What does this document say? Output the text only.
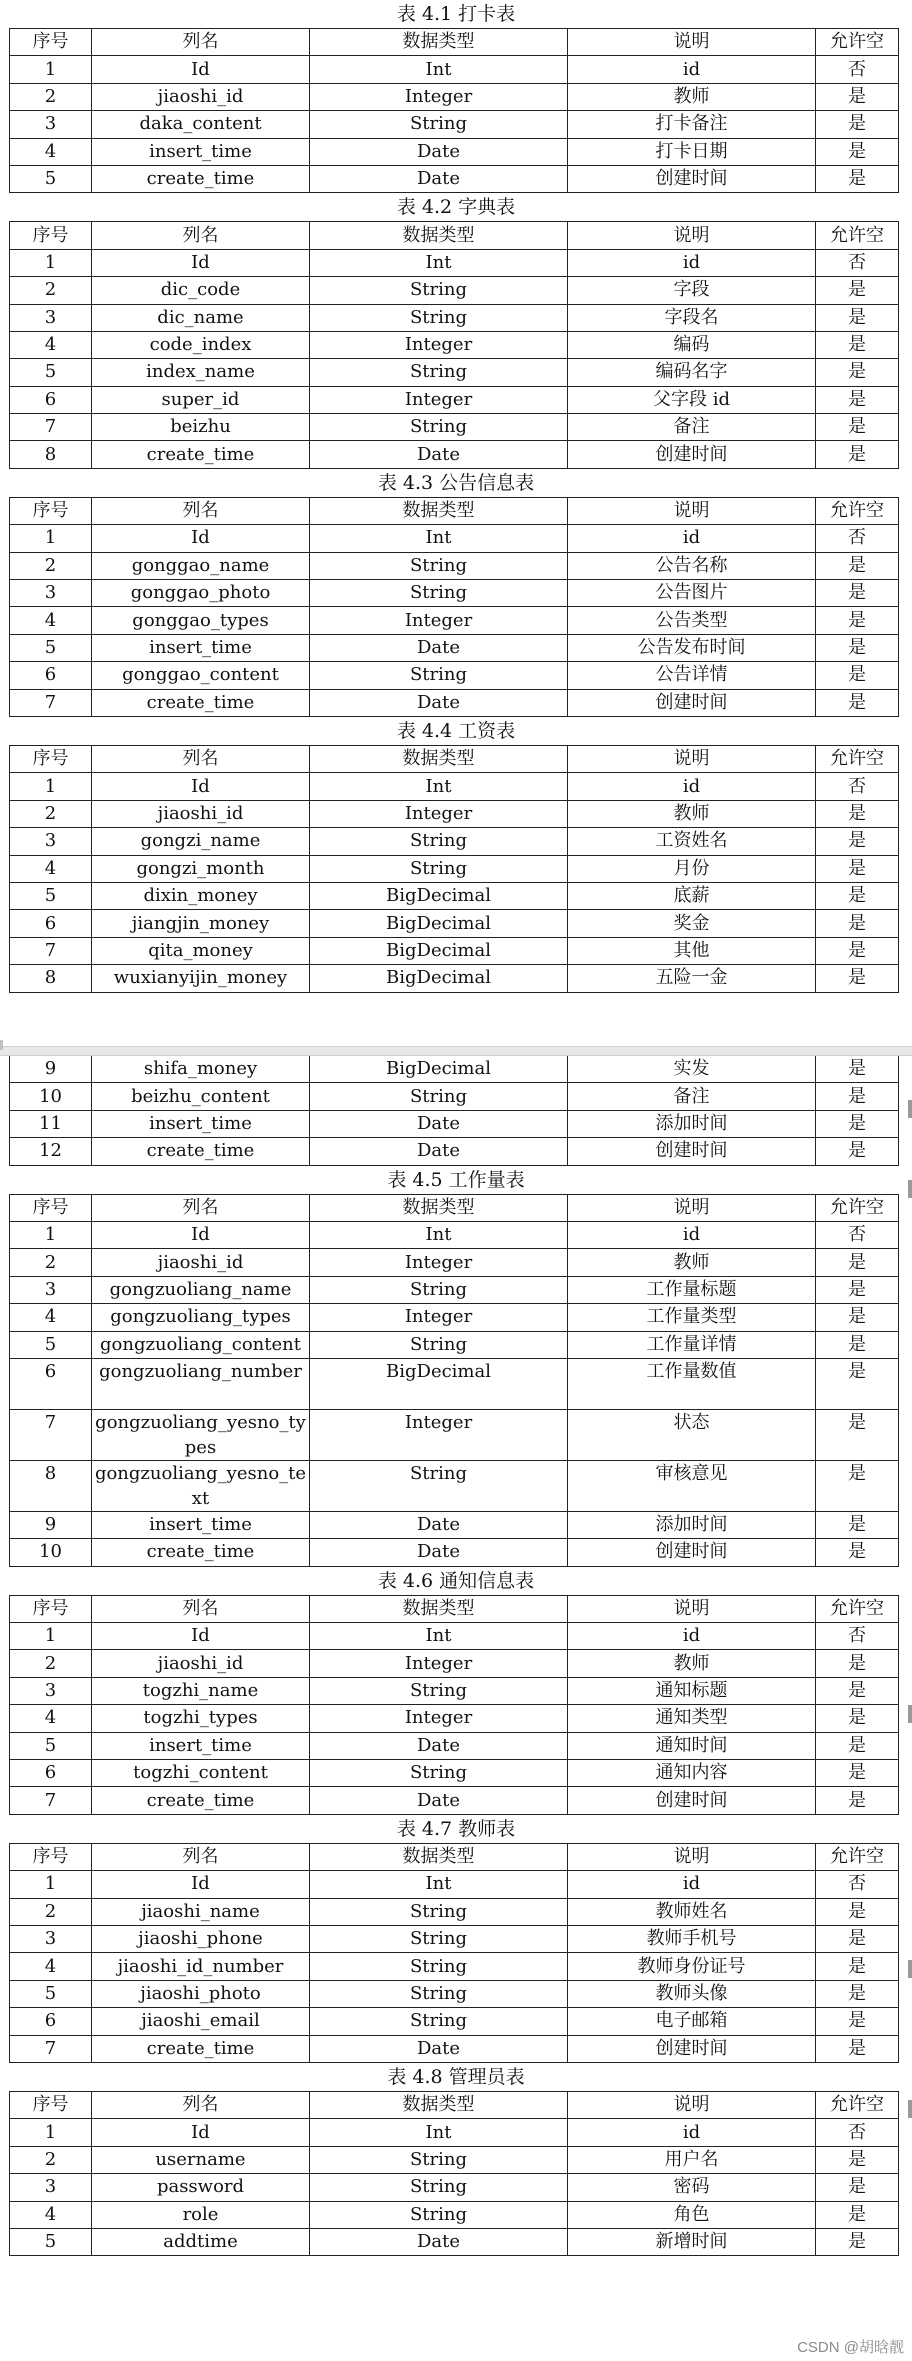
表 4.1 打卡表
序号	列名	数据类型	说明	允许空
1	Id	Int	id	否
2	jiaoshi_id	Integer	教师	是
3	daka_content	String	打卡备注	是
4	insert_time	Date	打卡日期	是
5	create_time	Date	创建时间	是
表 4.2 字典表
序号	列名	数据类型	说明	允许空
1	Id	Int	id	否
2	dic_code	String	字段	是
3	dic_name	String	字段名	是
4	code_index	Integer	编码	是
5	index_name	String	编码名字	是
6	super_id	Integer	父字段 id	是
7	beizhu	String	备注	是
8	create_time	Date	创建时间	是
表 4.3 公告信息表
序号	列名	数据类型	说明	允许空
1	Id	Int	id	否
2	gonggao_name	String	公告名称	是
3	gonggao_photo	String	公告图片	是
4	gonggao_types	Integer	公告类型	是
5	insert_time	Date	公告发布时间	是
6	gonggao_content	String	公告详情	是
7	create_time	Date	创建时间	是
表 4.4 工资表
序号	列名	数据类型	说明	允许空
1	Id	Int	id	否
2	jiaoshi_id	Integer	教师	是
3	gongzi_name	String	工资姓名	是
4	gongzi_month	String	月份	是
5	dixin_money	BigDecimal	底薪	是
6	jiangjin_money	BigDecimal	奖金	是
7	qita_money	BigDecimal	其他	是
8	wuxianyijin_money	BigDecimal	五险一金	是
9	shifa_money	BigDecimal	实发	是
10	beizhu_content	String	备注	是
11	insert_time	Date	添加时间	是
12	create_time	Date	创建时间	是
表 4.5 工作量表
序号	列名	数据类型	说明	允许空
1	Id	Int	id	否
2	jiaoshi_id	Integer	教师	是
3	gongzuoliang_name	String	工作量标题	是
4	gongzuoliang_types	Integer	工作量类型	是
5	gongzuoliang_content	String	工作量详情	是
6	gongzuoliang_number	BigDecimal	工作量数值	是
7	gongzuoliang_yesno_types	Integer	状态	是
8	gongzuoliang_yesno_text	String	审核意见	是
9	insert_time	Date	添加时间	是
10	create_time	Date	创建时间	是
表 4.6 通知信息表
序号	列名	数据类型	说明	允许空
1	Id	Int	id	否
2	jiaoshi_id	Integer	教师	是
3	togzhi_name	String	通知标题	是
4	togzhi_types	Integer	通知类型	是
5	insert_time	Date	通知时间	是
6	togzhi_content	String	通知内容	是
7	create_time	Date	创建时间	是
表 4.7 教师表
序号	列名	数据类型	说明	允许空
1	Id	Int	id	否
2	jiaoshi_name	String	教师姓名	是
3	jiaoshi_phone	String	教师手机号	是
4	jiaoshi_id_number	String	教师身份证号	是
5	jiaoshi_photo	String	教师头像	是
6	jiaoshi_email	String	电子邮箱	是
7	create_time	Date	创建时间	是
表 4.8 管理员表
序号	列名	数据类型	说明	允许空
1	Id	Int	id	否
2	username	String	用户名	是
3	password	String	密码	是
4	role	String	角色	是
5	addtime	Date	新增时间	是
CSDN @胡晗靓
